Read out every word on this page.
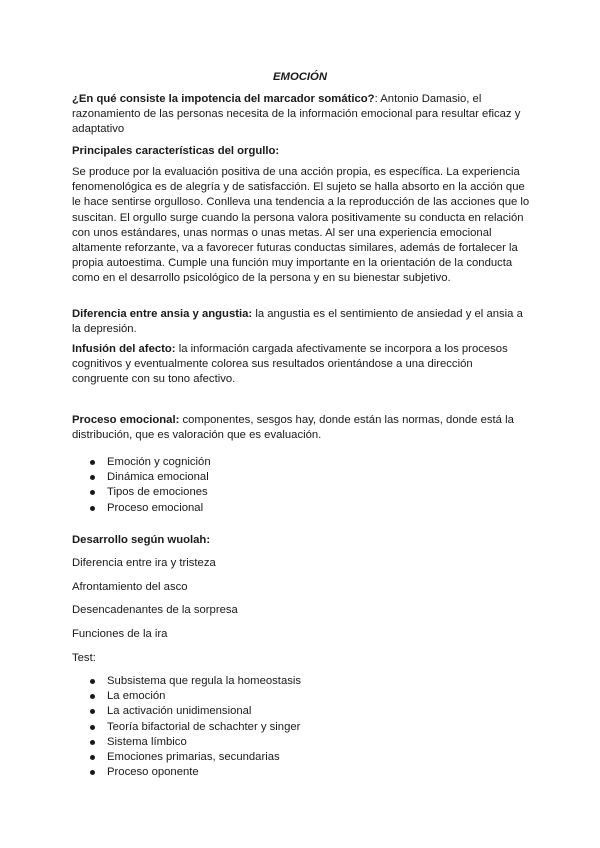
EMOCIÓN

¿En qué consiste la impotencia del marcador somático?: Antonio Damasio, el razonamiento de las personas necesita de la información emocional para resultar eficaz y adaptativo

Principales características del orgullo:

Se produce por la evaluación positiva de una acción propia, es específica. La experiencia fenomenológica es de alegría y de satisfacción. El sujeto se halla absorto en la acción que le hace sentirse orgulloso. Conlleva una tendencia a la reproducción de las acciones que lo suscitan. El orgullo surge cuando la persona valora positivamente su conducta en relación con unos estándares, unas normas o unas metas. Al ser una experiencia emocional altamente reforzante, va a favorecer futuras conductas similares, además de fortalecer la propia autoestima. Cumple una función muy importante en la orientación de la conducta como en el desarrollo psicológico de la persona y en su bienestar subjetivo.

Diferencia entre ansia y angustia: la angustia es el sentimiento de ansiedad y el ansia a la depresión.

Infusión del afecto: la información cargada afectivamente se incorpora a los procesos cognitivos y eventualmente colorea sus resultados orientándose a una dirección congruente con su tono afectivo.

Proceso emocional: componentes, sesgos hay, donde están las normas, donde está la distribución, que es valoración que es evaluación.

Emoción y cognición
Dinámica emocional
Tipos de emociones
Proceso emocional

Desarrollo según wuolah:

Diferencia entre ira y tristeza

Afrontamiento del asco

Desencadenantes de la sorpresa

Funciones de la ira

Test:

Subsistema que regula la homeostasis
La emoción
La activación unidimensional
Teoría bifactorial de schachter y singer
Sistema límbico
Emociones primarias, secundarias
Proceso oponente
